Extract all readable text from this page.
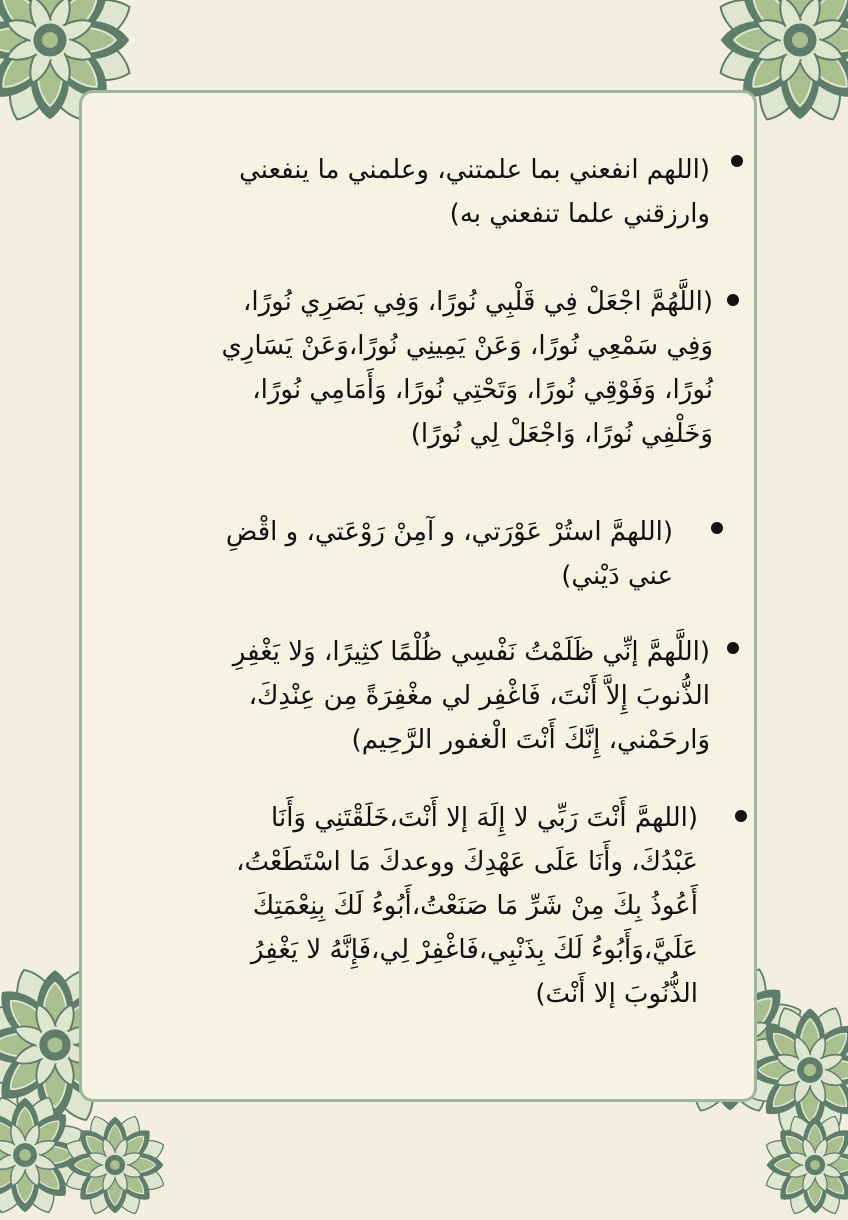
(اللهم انفعني بما علمتني، وعلمني ما ينفعني
وارزقني علما تنفعني به)
(اللَّهُمَّ اجْعَلْ فِي قَلْبِي نُورًا، وَفِي بَصَرِي نُورًا،
وَفِي سَمْعِي نُورًا، وَعَنْ يَمِينِي نُورًا،وَعَنْ يَسَارِي
نُورًا، وَفَوْقِي نُورًا، وَتَحْتِي نُورًا، وَأَمَامِي نُورًا،
وَخَلْفِي نُورًا، وَاجْعَلْ لِي نُورًا)
(اللهمَّ استُرْ عَوْرَتي، و آمِنْ رَوْعَتي، و اقْضِ
عني دَيْني)
(اللَّهمَّ إنِّي ظَلَمْتُ نَفْسِي ظُلْمًا كثِيرًا، وَلا يَغْفِرِ
الذُّنوبَ إِلاَّ أَنْتَ، فَاغْفِر لي مغْفِرَةً مِن عِنْدِكَ،
وَارحَمْني، إِنَّكَ أَنْتَ الْغفور الرَّحِيم)
(اللهمَّ أَنْتَ رَبِّي لا إِلَهَ إلا أَنْتَ،خَلَقْتَنِي وَأَنَا
عَبْدُكَ، وأَنَا عَلَى عَهْدِكَ ووعدكَ مَا اسْتَطَعْتُ،
أَعُوذُ بِكَ مِنْ شَرِّ مَا صَنَعْتُ،أَبُوءُ لَكَ بِنِعْمَتِكَ
عَلَيَّ،وَأَبُوءُ لَكَ بِذَنْبِي،فَاغْفِرْ لِي،فَإِنَّهُ لا يَغْفِرُ
الذُّنُوبَ إلا أَنْتَ)
